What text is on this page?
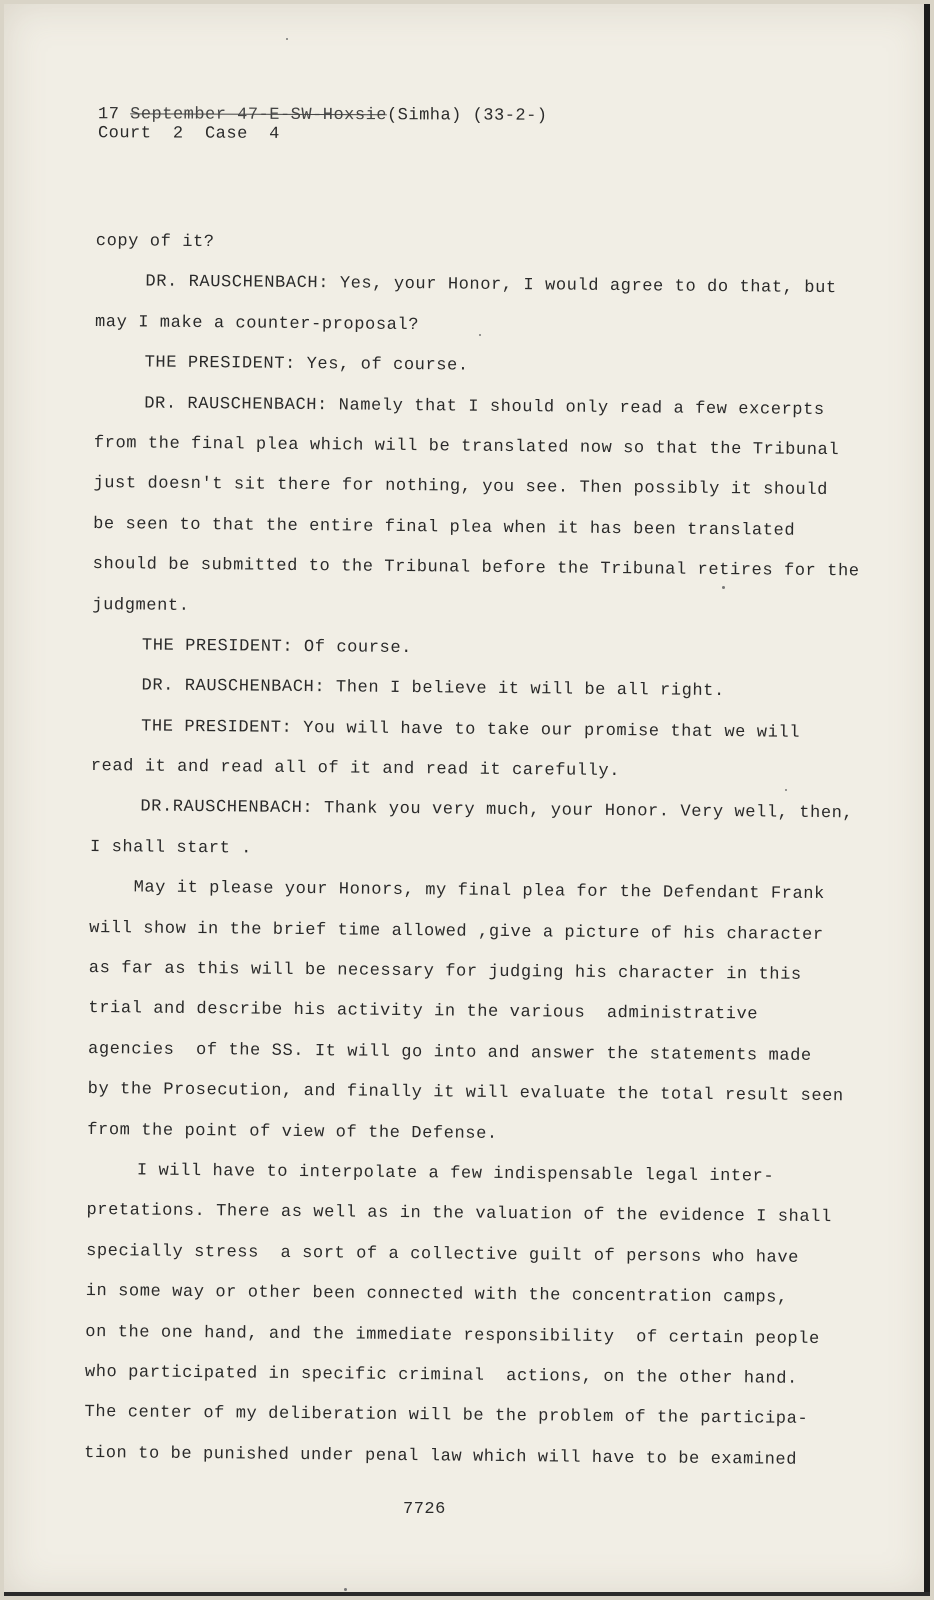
17 September 47-E-SW-Hoxsie(Simha) (33-2-)
Court  2  Case  4
copy of it?
DR. RAUSCHENBACH: Yes, your Honor, I would agree to do that, but
may I make a counter-proposal?
THE PRESIDENT: Yes, of course.
DR. RAUSCHENBACH: Namely that I should only read a few excerpts
from the final plea which will be translated now so that the Tribunal
just doesn't sit there for nothing, you see. Then possibly it should
be seen to that the entire final plea when it has been translated
should be submitted to the Tribunal before the Tribunal retires for the
judgment.
THE PRESIDENT: Of course.
DR. RAUSCHENBACH: Then I believe it will be all right.
THE PRESIDENT: You will have to take our promise that we will
read it and read all of it and read it carefully.
DR.RAUSCHENBACH: Thank you very much, your Honor. Very well, then,
I shall start .
May it please your Honors, my final plea for the Defendant Frank
will show in the brief time allowed ,give a picture of his character
as far as this will be necessary for judging his character in this
trial and describe his activity in the various  administrative
agencies  of the SS. It will go into and answer the statements made
by the Prosecution, and finally it will evaluate the total result seen
from the point of view of the Defense.
I will have to interpolate a few indispensable legal inter-
pretations. There as well as in the valuation of the evidence I shall
specially stress  a sort of a collective guilt of persons who have
in some way or other been connected with the concentration camps,
on the one hand, and the immediate responsibility  of certain people
who participated in specific criminal  actions, on the other hand.
The center of my deliberation will be the problem of the participa-
tion to be punished under penal law which will have to be examined
7726
